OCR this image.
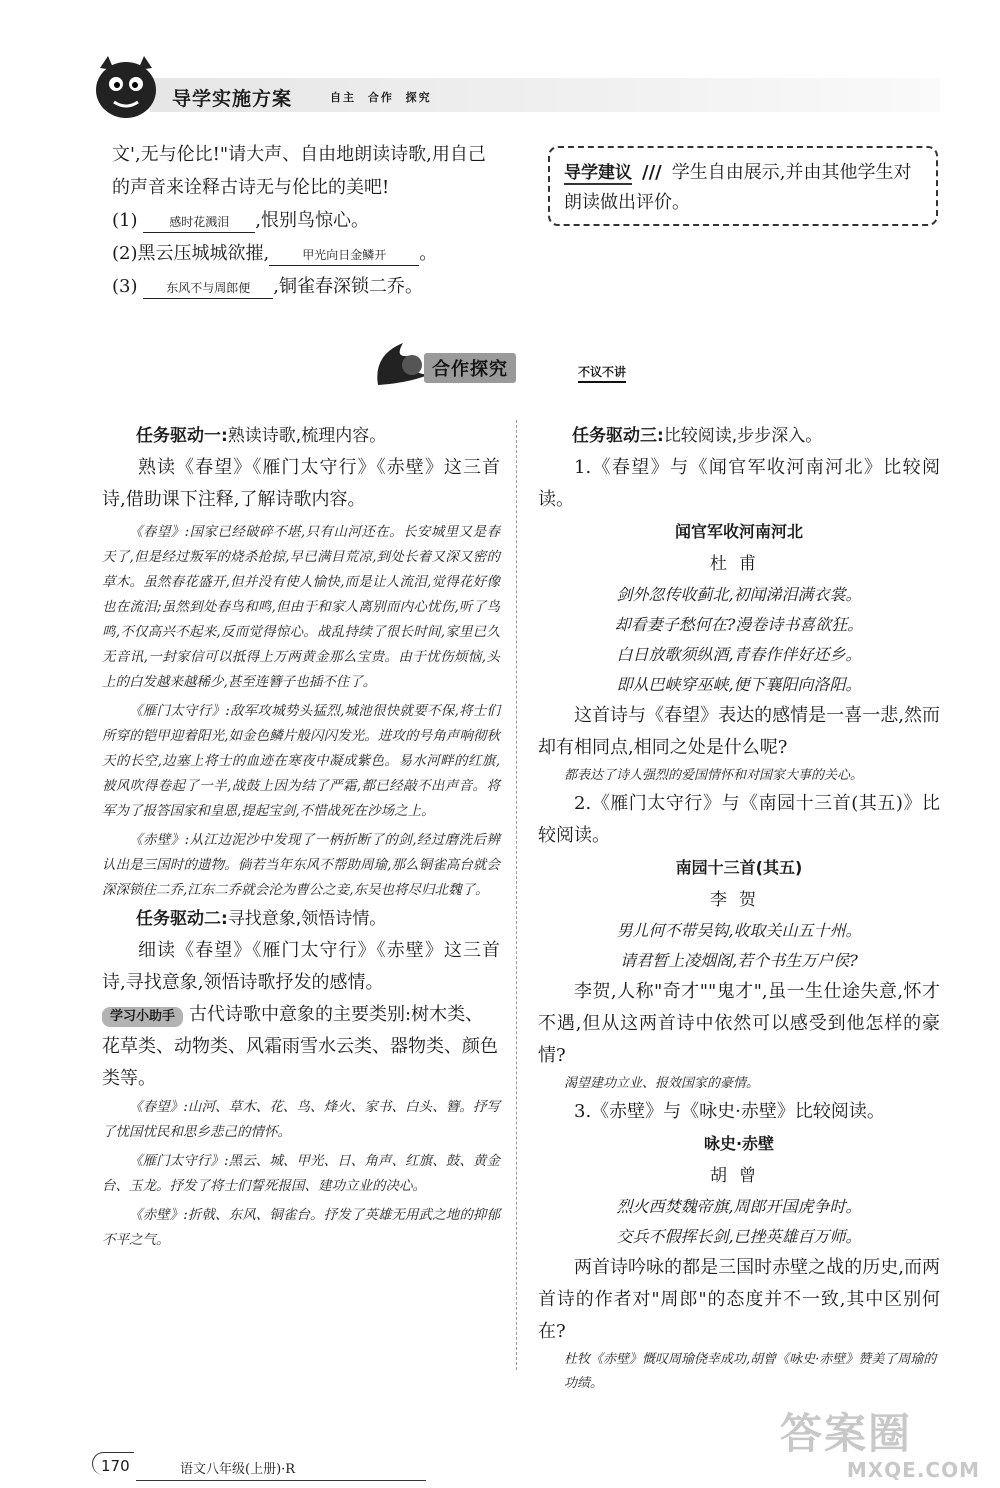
导学实施方案	自主 合作 探究
文',无与伦比!"请大声、自由地朗读诗歌,用自己
的声音来诠释古诗无与伦比的美吧!
(1)	感时花溅泪 ,恨别鸟惊心。
(2)黑云压城城欲摧,	甲光向日金鳞开 。
(3) 东风不与周郎便 ,铜雀春深锁二乔。
导学建议 /// 学生自由展示,并由其他学生对朗读做出评价。
合作探究	不议不讲
任务驱动一:熟读诗歌,梳理内容。
熟读《春望》《雁门太守行》《赤壁》这三首诗,借助课下注释,了解诗歌内容。
《春望》:国家已经破碎不堪,只有山河还在。长安城里又是春天了,但是经过叛军的烧杀抢掠,早已满目荒凉,到处长着又深又密的草木。虽然春花盛开,但并没有使人愉快,而是让人流泪,觉得花好像也在流泪;虽然到处春鸟和鸣,但由于和家人离别而内心忧伤,听了鸟鸣,不仅高兴不起来,反而觉得惊心。战乱持续了很长时间,家里已久无音讯,一封家信可以抵得上万两黄金那么宝贵。由于忧伤烦恼,头上的白发越来越稀少,甚至连簪子也插不住了。
《雁门太守行》:敌军攻城势头猛烈,城池很快就要不保,将士们所穿的铠甲迎着阳光,如金色鳞片般闪闪发光。进攻的号角声响彻秋天的长空,边塞上将士的血迹在寒夜中凝成紫色。易水河畔的红旗,被风吹得卷起了一半,战鼓上因为结了严霜,都已经敲不出声音。将军为了报答国家和皇恩,提起宝剑,不惜战死在沙场之上。
《赤壁》:从江边泥沙中发现了一柄折断了的剑,经过磨洗后辨认出是三国时的遗物。倘若当年东风不帮助周瑜,那么铜雀高台就会深深锁住二乔,江东二乔就会沦为曹公之妾,东吴也将尽归北魏了。
任务驱动二:寻找意象,领悟诗情。
细读《春望》《雁门太守行》《赤壁》这三首诗,寻找意象,领悟诗歌抒发的感情。
学习小助手 古代诗歌中意象的主要类别:树木类、花草类、动物类、风霜雨雪水云类、器物类、颜色类等。
《春望》:山河、草木、花、鸟、烽火、家书、白头、簪。抒写了忧国忧民和思乡悲己的情怀。
《雁门太守行》:黑云、城、甲光、日、角声、红旗、鼓、黄金台、玉龙。抒发了将士们誓死报国、建功立业的决心。
《赤壁》:折戟、东风、铜雀台。抒发了英雄无用武之地的抑郁不平之气。
任务驱动三:比较阅读,步步深入。
1.《春望》与《闻官军收河南河北》比较阅读。
闻官军收河南河北
杜甫
剑外忽传收蓟北,初闻涕泪满衣裳。
却看妻子愁何在?漫卷诗书喜欲狂。
白日放歌须纵酒,青春作伴好还乡。
即从巴峡穿巫峡,便下襄阳向洛阳。
这首诗与《春望》表达的感情是一喜一悲,然而却有相同点,相同之处是什么呢?
都表达了诗人强烈的爱国情怀和对国家大事的关心。
2.《雁门太守行》与《南园十三首(其五)》比较阅读。
南园十三首(其五)
李贺
男儿何不带吴钩,收取关山五十州。
请君暂上凌烟阁,若个书生万户侯?
李贺,人称"奇才""鬼才",虽一生仕途失意,怀才不遇,但从这两首诗中依然可以感受到他怎样的豪情?
渴望建功立业、报效国家的豪情。
3.《赤壁》与《咏史·赤壁》比较阅读。
咏史·赤壁
胡曾
烈火西焚魏帝旗,周郎开国虎争时。
交兵不假挥长剑,已挫英雄百万师。
两首诗吟咏的都是三国时赤壁之战的历史,而两首诗的作者对"周郎"的态度并不一致,其中区别何在?
杜牧《赤壁》慨叹周瑜侥幸成功,胡曾《咏史·赤壁》赞美了周瑜的功绩。
170	语文八年级(上册)·R
答案圈
MXQE.COM
